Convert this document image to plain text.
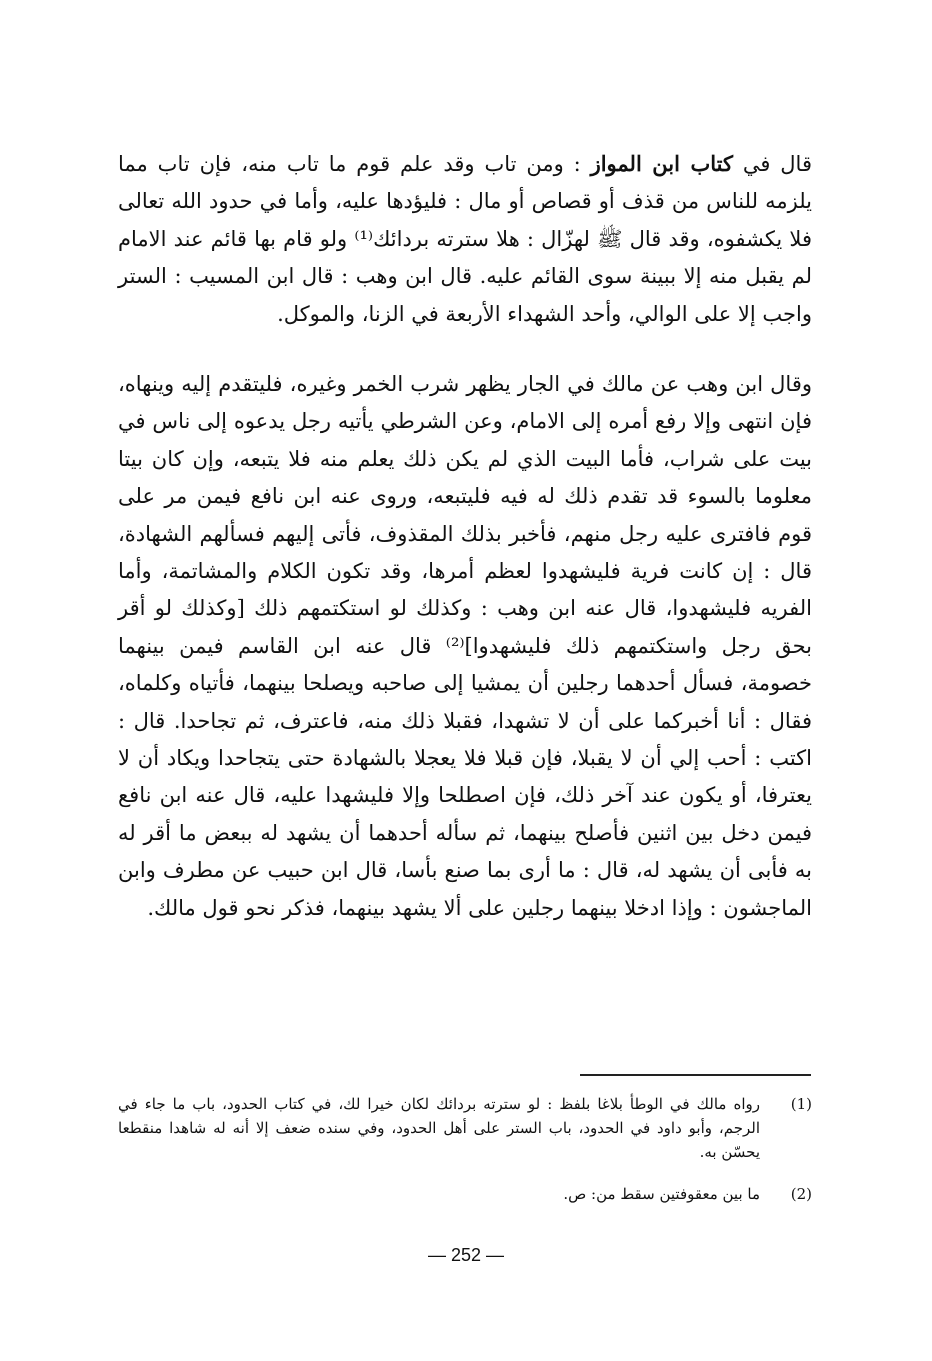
قال في كتاب ابن المواز : ومن تاب وقد علم قوم ما تاب منه، فإن تاب مما يلزمه للناس من قذف أو قصاص أو مال : فليؤدها عليه، وأما في حدود الله تعالى فلا يكشفوه، وقد قال ﷺ لهزّال : هلا سترته بردائك⁽¹⁾ ولو قام بها قائم عند الامام لم يقبل منه إلا ببينة سوى القائم عليه. قال ابن وهب : قال ابن المسيب : الستر واجب إلا على الوالي، وأحد الشهداء الأربعة في الزنا، والموكل.

وقال ابن وهب عن مالك في الجار يظهر شرب الخمر وغيره، فليتقدم إليه وينهاه، فإن انتهى وإلا رفع أمره إلى الامام، وعن الشرطي يأتيه رجل يدعوه إلى ناس في بيت على شراب، فأما البيت الذي لم يكن ذلك يعلم منه فلا يتبعه، وإن كان بيتا معلوما بالسوء قد تقدم ذلك له فيه فليتبعه، وروى عنه ابن نافع فيمن مر على قوم فافترى عليه رجل منهم، فأخبر بذلك المقذوف، فأتى إليهم فسألهم الشهادة، قال : إن كانت فرية فليشهدوا لعظم أمرها، وقد تكون الكلام والمشاتمة، وأما الفريه فليشهدوا، قال عنه ابن وهب : وكذلك لو استكتمهم ذلك [وكذلك لو أقر بحق رجل واستكتمهم ذلك فليشهدوا]⁽²⁾ قال عنه ابن القاسم فيمن بينهما خصومة، فسأل أحدهما رجلين أن يمشيا إلى صاحبه ويصلحا بينهما، فأتياه وكلماه، فقال : أنا أخبركما على أن لا تشهدا، فقبلا ذلك منه، فاعترف، ثم تجاحدا. قال : اكتب : أحب إلي أن لا يقبلا، فإن قبلا فلا يعجلا بالشهادة حتى يتجاحدا ويكاد أن لا يعترفا، أو يكون عند آخر ذلك، فإن اصطلحا وإلا فليشهدا عليه، قال عنه ابن نافع فيمن دخل بين اثنين فأصلح بينهما، ثم سأله أحدهما أن يشهد له ببعض ما أقر له به فأبى أن يشهد له، قال : ما أرى بما صنع بأسا، قال ابن حبيب عن مطرف وابن الماجشون : وإذا ادخلا بينهما رجلين على ألا يشهد بينهما، فذكر نحو قول مالك.

(1)
رواه مالك في الوطأ بلاغا بلفظ : لو سترته بردائك لكان خيرا لك، في كتاب الحدود، باب ما جاء في الرجم، وأبو داود في الحدود، باب الستر على أهل الحدود، وفي سنده ضعف إلا أنه له شاهدا منقطعا يحسّن به.
(2)
ما بين معقوفتين سقط من: ص.
— 252 —
